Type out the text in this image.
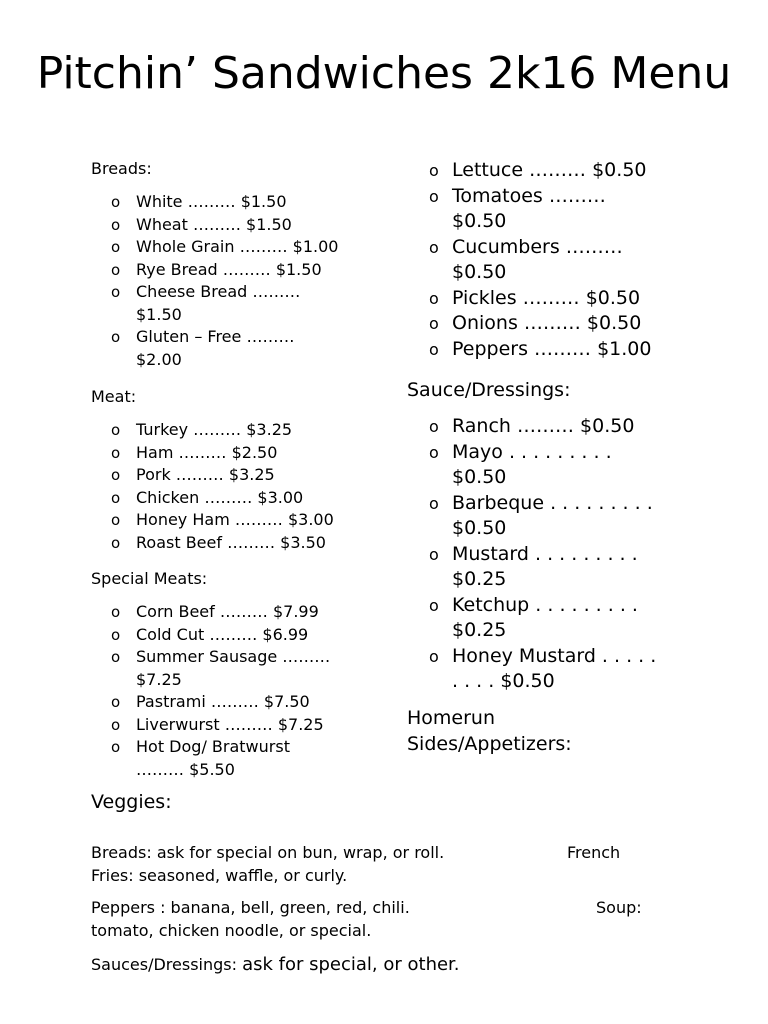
Pitchin’ Sandwiches 2k16 Menu

Breads:

o White ……… $1.50
o Wheat ……… $1.50
o Whole Grain ……… $1.00
o Rye Bread ……… $1.50
o Cheese Bread ……… $1.50
o Gluten – Free ……… $2.00

Meat:

o Turkey ……… $3.25
o Ham ……… $2.50
o Pork ……… $3.25
o Chicken ……… $3.00
o Honey Ham ……… $3.00
o Roast Beef ……… $3.50

Special Meats:

o Corn Beef ……… $7.99
o Cold Cut ……… $6.99
o Summer Sausage ……… $7.25
o Pastrami ……… $7.50
o Liverwurst ……… $7.25
o Hot Dog/ Bratwurst ……… $5.50

Veggies:

o Lettuce ……… $0.50
o Tomatoes ……… $0.50
o Cucumbers ……… $0.50
o Pickles ……… $0.50
o Onions ……… $0.50
o Peppers ……… $1.00

Sauce/Dressings:

o Ranch ……… $0.50
o Mayo . . . . . . . . . $0.50
o Barbeque . . . . . . . . . $0.50
o Mustard . . . . . . . . . $0.25
o Ketchup . . . . . . . . . $0.25
o Honey Mustard . . . . . . . . . $0.50

Homerun Sides/Appetizers:

Breads: ask for special on bun, wrap, or roll.	French
Fries: seasoned, waffle, or curly.
Peppers : banana, bell, green, red, chili.	Soup:
tomato, chicken noodle, or special.
Sauces/Dressings: ask for special, or other.
